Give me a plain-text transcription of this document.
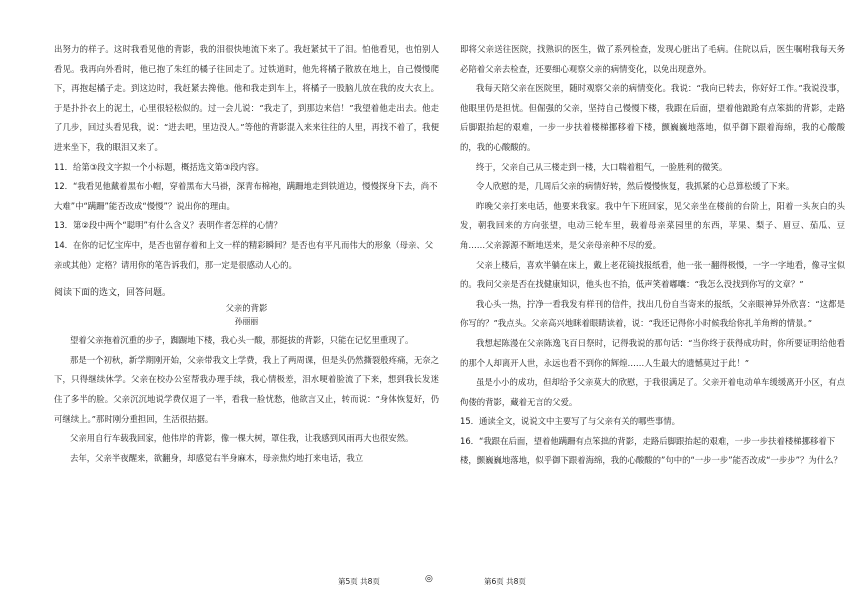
出努力的样子。这时我看见他的背影，我的泪很快地流下来了。我赶紧拭干了泪。怕他看见，也怕别人看见。我再向外看时，他已抱了朱红的橘子往回走了。过铁道时，他先将橘子散放在地上，自己慢慢爬下，再抱起橘子走。到这边时，我赶紧去搀他。他和我走到车上，将橘子一股脑儿放在我的皮大衣上。于是扑扑衣上的泥土，心里很轻松似的。过一会儿说：“我走了，到那边来信！”我望着他走出去。他走了几步，回过头看见我，说：“进去吧，里边没人。”等他的背影混入来来往往的人里，再找不着了，我便进来坐下，我的眼泪又来了。

11．给第③段文字拟一个小标题，概括选文第③段内容。

12．“我看见他戴着黑布小帽，穿着黑布大马褂，深青布棉袍，蹒跚地走到铁道边，慢慢探身下去，尚不大难”中“蹒跚”能否改成“慢慢”？说出你的理由。

13．第②段中两个“聪明”有什么含义？表明作者怎样的心情？

14．在你的记忆宝库中，是否也留存着和上文一样的精彩瞬间？是否也有平凡而伟大的形象（母亲、父亲或其他）定格？请用你的笔告诉我们，那一定是很感动人心的。

阅读下面的选文，回答问题。

父亲的背影

孙丽丽

望着父亲拖着沉重的步子，踟蹰地下楼，我心头一酸，那挺拔的背影，只能在记忆里重现了。

那是一个初秋，新学期刚开始，父亲带我文上学费，我上了两周课，但是头仍然撕裂般疼痛，无奈之下，只得继续休学。父亲在校办公室帮我办理手续，我心情极差，泪水哽着脸流了下来，想到我长发迷住了多半的脸。父亲沉沉地说学费仅退了一半，看我一脸忧愁，他欲言又止，转而说：“身体恢复好，仍可继续上。”那时刚分重担回，生活很拮据。

父亲用自行车载我回家，他伟岸的背影，像一棵大树，罩住我，让我感到风雨再大也很安然。

去年，父亲半夜醒来，欲翻身，却感觉右半身麻木，母亲焦灼地打来电话，我立

即将父亲送往医院，找熟识的医生，做了系列检查，发现心脏出了毛病。住院以后，医生嘱咐我每天务必陪着父亲去检查，还要细心观察父亲的病情变化，以免出现意外。

我每天陪父亲在医院里，随时观察父亲的病情变化。我说：“我向已转去，你好好工作。”我说没事，他眼里仍是担忧。但倔强的父亲，坚持自己慢慢下楼，我跟在后面，望着他踉跄有点笨拙的背影，走路后脚跟抬起的艰难，一步一步扶着楼梯挪移着下楼，颤巍巍地落地，似乎御下跟着海绵，我的心酸酸的，我的心酸酸的。

终于，父亲自己从三楼走到一楼，大口喘着粗气，一脸胜利的微笑。

令人欣慰的是，几周后父亲的病情好转，然后慢慢恢复，我抓紧的心总算松缓了下来。

昨晚父亲打来电话，他要来我家。我中午下班回家，见父亲坐在楼前的台阶上，阳着一头灰白的头发，朝我回来的方向张望，电动三轮车里，载着母亲菜园里的东西，苹果、梨子、眉豆、茄瓜、豆角……父亲源源不断地送来，是父亲母亲种不尽的爱。

父亲上楼后，喜欢半躺在床上，戴上老花镜找报纸看，他一张一翻得极慢，一字一字地看，像寻宝似的。我问父亲是否在找健康知识，他头也不抬，低声笑着嘟囔：“我怎么没找到你写的文章？”

我心头一热，拧净一看我发有样刊的信件，找出几份自当寄来的报纸，父亲眼神异外欣喜：“这都是你写的？”我点头。父亲高兴地眯着眼睛读着，说：“我还记得你小时候我给你扎羊角辫的情景。”

我想起陈漫在父亲陈逸飞百日祭时，记得我说的那句话：“当你终于获得成功时，你所要证明给他看的那个人却离开人世，永远也看不到你的辉煌……人生最大的遗憾莫过于此！”

虽是小小的成功，但却给予父亲莫大的欣慰，于我很满足了。父亲开着电动单车缓缓离开小区，有点佝偻的背影，藏着无言的父爱。

15．通读全文，说说文中主要写了与父亲有关的哪些事情。

16．“我跟在后面，望着他蹒跚有点笨拙的背影，走路后脚跟抬起的艰难，一步一步扶着楼梯挪移着下楼，颤巍巍地落地，似乎御下跟着海绵，我的心酸酸的”句中的“一步一步”能否改成“一步步”？为什么？

第5页 共8页	◎	第6页 共8页
